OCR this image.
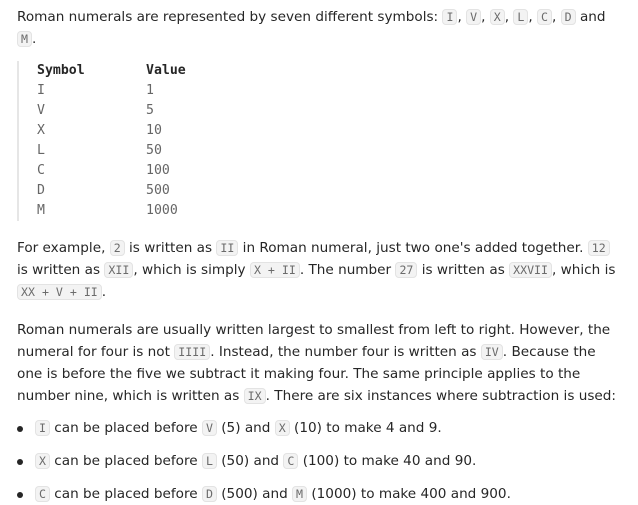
Roman numerals are represented by seven different symbols: I , V , X , L , C , D and M .

Symbol	Value
I	1
V	5
X	10
L	50
C	100
D	500
M	1000

For example, 2 is written as II in Roman numeral, just two one's added together. 12 is written as XII , which is simply X + II . The number 27 is written as XXVII , which is XX + V + II .

Roman numerals are usually written largest to smallest from left to right. However, the numeral for four is not IIII . Instead, the number four is written as IV . Because the one is before the five we subtract it making four. The same principle applies to the number nine, which is written as IX . There are six instances where subtraction is used:

I can be placed before V (5) and X (10) to make 4 and 9.
X can be placed before L (50) and C (100) to make 40 and 90.
C can be placed before D (500) and M (1000) to make 400 and 900.
